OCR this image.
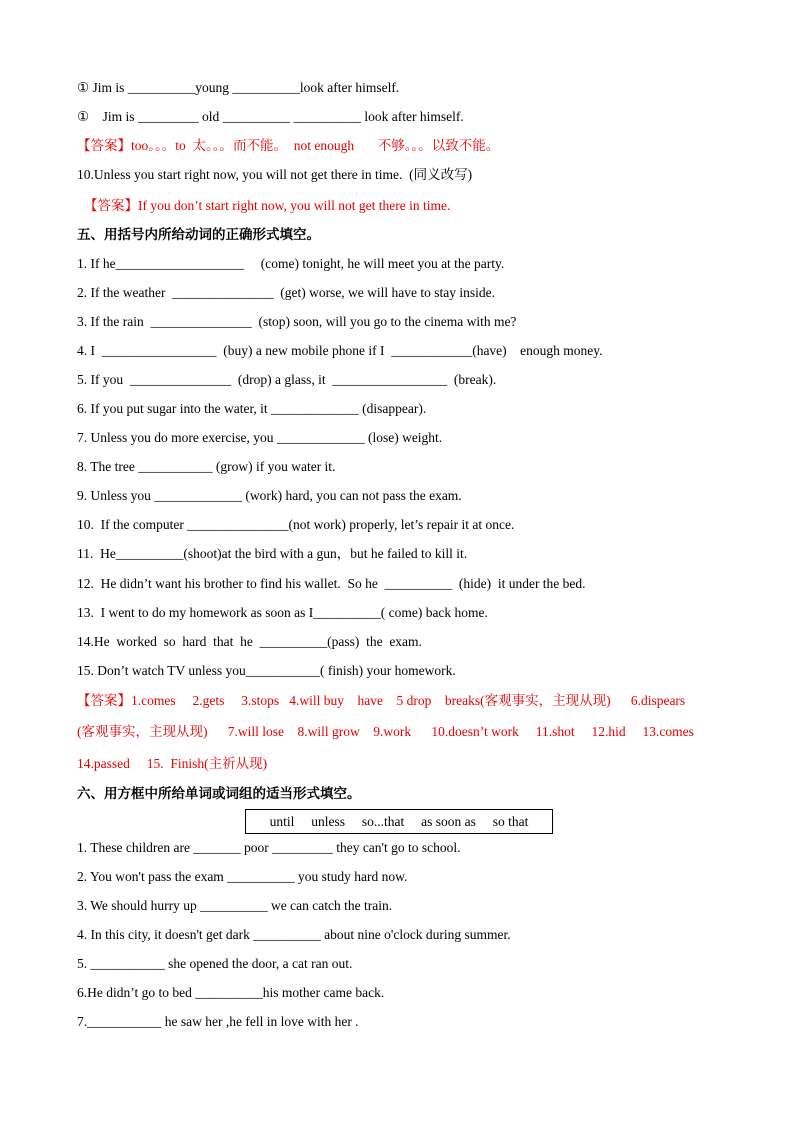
① Jim is __________young __________look after himself.
①    Jim is _________ old __________ __________ look after himself.
【答案】too。。。to  太。。。而不能。  not enough       不够。。。以致不能。
10.Unless you start right now, you will not get there in time.  (同义改写)
【答案】If you don’t start right now, you will not get there in time.
五、用括号内所给动词的正确形式填空。
1. If he___________________     (come) tonight, he will meet you at the party.
2. If the weather  _______________  (get) worse, we will have to stay inside.
3. If the rain  _______________  (stop) soon, will you go to the cinema with me?
4. I  _________________  (buy) a new mobile phone if I  ____________(have)    enough money.
5. If you  _______________  (drop) a glass, it  _________________  (break).
6. If you put sugar into the water, it _____________ (disappear).
7. Unless you do more exercise, you _____________ (lose) weight.
8. The tree ___________ (grow) if you water it.
9. Unless you _____________ (work) hard, you can not pass the exam.
10.  If the computer _______________(not work) properly, let’s repair it at once.
11.  He__________(shoot)at the bird with a gun，but he failed to kill it.
12.  He didn’t want his brother to find his wallet.  So he  __________  (hide)  it under the bed.
13.  I went to do my homework as soon as I__________( come) back home.
14.He  worked  so  hard  that  he  __________(pass)  the  exam.
15. Don’t watch TV unless you___________( finish) your homework.
【答案】1.comes     2.gets     3.stops   4.will buy    have    5 drop    breaks(客观事实，主现从现)      6.dispears
(客观事实，主现从现)      7.will lose    8.will grow    9.work      10.doesn’t work     11.shot     12.hid     13.comes
14.passed     15.  Finish(主祈从现)
六、用方框中所给单词或词组的适当形式填空。
until     unless     so...that     as soon as     so that
1. These children are _______ poor _________ they can't go to school.
2. You won't pass the exam __________ you study hard now.
3. We should hurry up __________ we can catch the train.
4. In this city, it doesn't get dark __________ about nine o'clock during summer.
5. ___________ she opened the door, a cat ran out.
6.He didn’t go to bed __________his mother came back.
7.___________ he saw her ,he fell in love with her .
